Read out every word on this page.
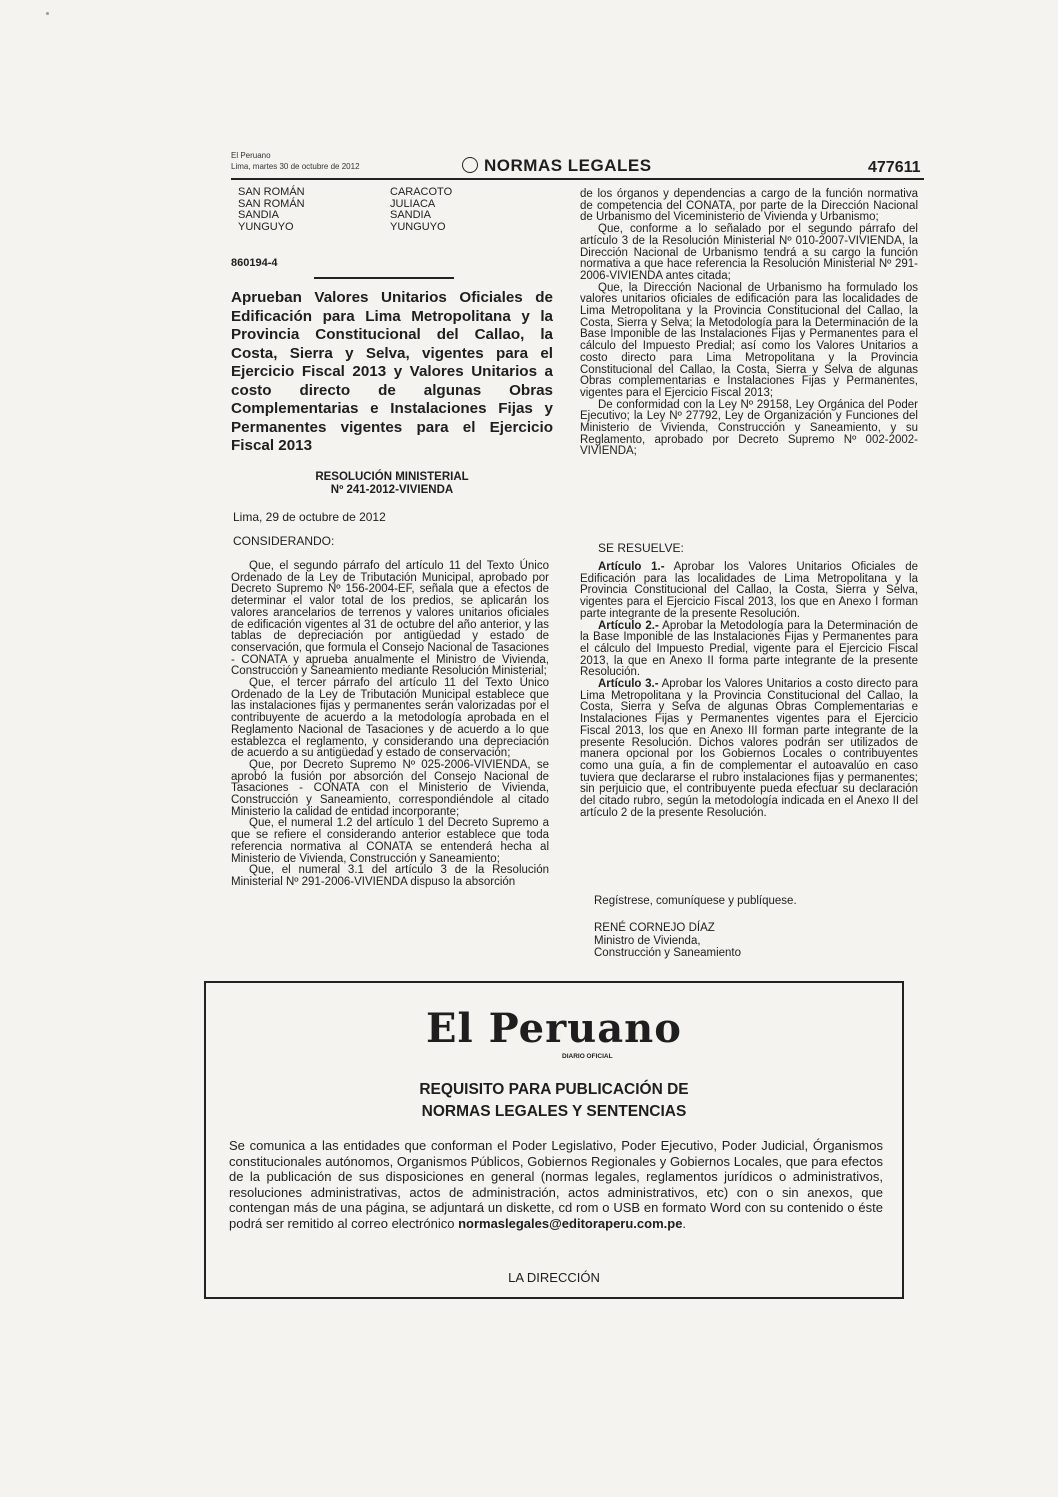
El Peruano
Lima, martes 30 de octubre de 2012	NORMAS LEGALES	477611
SAN ROMÁN	CARACOTO
SAN ROMÁN	JULIACA
SANDIA	SANDIA
YUNGUYO	YUNGUYO
860194-4
Aprueban Valores Unitarios Oficiales de Edificación para Lima Metropolitana y la Provincia Constitucional del Callao, la Costa, Sierra y Selva, vigentes para el Ejercicio Fiscal 2013 y Valores Unitarios a costo directo de algunas Obras Complementarias e Instalaciones Fijas y Permanentes vigentes para el Ejercicio Fiscal 2013
RESOLUCIÓN MINISTERIAL
Nº 241-2012-VIVIENDA
Lima, 29 de octubre de 2012
CONSIDERANDO:

Que, el segundo párrafo del artículo 11 del Texto Único Ordenado de la Ley de Tributación Municipal, aprobado por Decreto Supremo Nº 156-2004-EF, señala que a efectos de determinar el valor total de los predios, se aplicarán los valores arancelarios de terrenos y valores unitarios oficiales de edificación vigentes al 31 de octubre del año anterior, y las tablas de depreciación por antigüedad y estado de conservación, que formula el Consejo Nacional de Tasaciones - CONATA y aprueba anualmente el Ministro de Vivienda, Construcción y Saneamiento mediante Resolución Ministerial;

Que, el tercer párrafo del artículo 11 del Texto Único Ordenado de la Ley de Tributación Municipal establece que las instalaciones fijas y permanentes serán valorizadas por el contribuyente de acuerdo a la metodología aprobada en el Reglamento Nacional de Tasaciones y de acuerdo a lo que establezca el reglamento, y considerando una depreciación de acuerdo a su antigüedad y estado de conservación;

Que, por Decreto Supremo Nº 025-2006-VIVIENDA, se aprobó la fusión por absorción del Consejo Nacional de Tasaciones - CONATA con el Ministerio de Vivienda, Construcción y Saneamiento, correspondiéndole al citado Ministerio la calidad de entidad incorporante;

Que, el numeral 1.2 del artículo 1 del Decreto Supremo a que se refiere el considerando anterior establece que toda referencia normativa al CONATA se entenderá hecha al Ministerio de Vivienda, Construcción y Saneamiento;

Que, el numeral 3.1 del artículo 3 de la Resolución Ministerial Nº 291-2006-VIVIENDA dispuso la absorción

de los órganos y dependencias a cargo de la función normativa de competencia del CONATA, por parte de la Dirección Nacional de Urbanismo del Viceministerio de Vivienda y Urbanismo;

Que, conforme a lo señalado por el segundo párrafo del artículo 3 de la Resolución Ministerial Nº 010-2007-VIVIENDA, la Dirección Nacional de Urbanismo tendrá a su cargo la función normativa a que hace referencia la Resolución Ministerial Nº 291-2006-VIVIENDA antes citada;

Que, la Dirección Nacional de Urbanismo ha formulado los valores unitarios oficiales de edificación para las localidades de Lima Metropolitana y la Provincia Constitucional del Callao, la Costa, Sierra y Selva; la Metodología para la Determinación de la Base Imponible de las Instalaciones Fijas y Permanentes para el cálculo del Impuesto Predial; así como los Valores Unitarios a costo directo para Lima Metropolitana y la Provincia Constitucional del Callao, la Costa, Sierra y Selva de algunas Obras complementarias e Instalaciones Fijas y Permanentes, vigentes para el Ejercicio Fiscal 2013;

De conformidad con la Ley Nº 29158, Ley Orgánica del Poder Ejecutivo; la Ley Nº 27792, Ley de Organización y Funciones del Ministerio de Vivienda, Construcción y Saneamiento, y su Reglamento, aprobado por Decreto Supremo Nº 002-2002-VIVIENDA;

SE RESUELVE:

Artículo 1.- Aprobar los Valores Unitarios Oficiales de Edificación para las localidades de Lima Metropolitana y la Provincia Constitucional del Callao, la Costa, Sierra y Selva, vigentes para el Ejercicio Fiscal 2013, los que en Anexo I forman parte integrante de la presente Resolución.

Artículo 2.- Aprobar la Metodología para la Determinación de la Base Imponible de las Instalaciones Fijas y Permanentes para el cálculo del Impuesto Predial, vigente para el Ejercicio Fiscal 2013, la que en Anexo II forma parte integrante de la presente Resolución.

Artículo 3.- Aprobar los Valores Unitarios a costo directo para Lima Metropolitana y la Provincia Constitucional del Callao, la Costa, Sierra y Selva de algunas Obras Complementarias e Instalaciones Fijas y Permanentes vigentes para el Ejercicio Fiscal 2013, los que en Anexo III forman parte integrante de la presente Resolución. Dichos valores podrán ser utilizados de manera opcional por los Gobiernos Locales o contribuyentes como una guía, a fin de complementar el autoavalúo en caso tuviera que declararse el rubro instalaciones fijas y permanentes; sin perjuicio que, el contribuyente pueda efectuar su declaración del citado rubro, según la metodología indicada en el Anexo II del artículo 2 de la presente Resolución.

Regístrese, comuníquese y publíquese.
RENÉ CORNEJO DÍAZ
Ministro de Vivienda,
Construcción y Saneamiento
El Peruano
DIARIO OFICIAL
REQUISITO PARA PUBLICACIÓN DE
NORMAS LEGALES Y SENTENCIAS
Se comunica a las entidades que conforman el Poder Legislativo, Poder Ejecutivo, Poder Judicial, Órganismos constitucionales autónomos, Organismos Públicos, Gobiernos Regionales y Gobiernos Locales, que para efectos de la publicación de sus disposiciones en general (normas legales, reglamentos jurídicos o administrativos, resoluciones administrativas, actos de administración, actos administrativos, etc) con o sin anexos, que contengan más de una página, se adjuntará un diskette, cd rom o USB en formato Word con su contenido o éste podrá ser remitido al correo electrónico normaslegales@editoraperu.com.pe.
LA DIRECCIÓN
